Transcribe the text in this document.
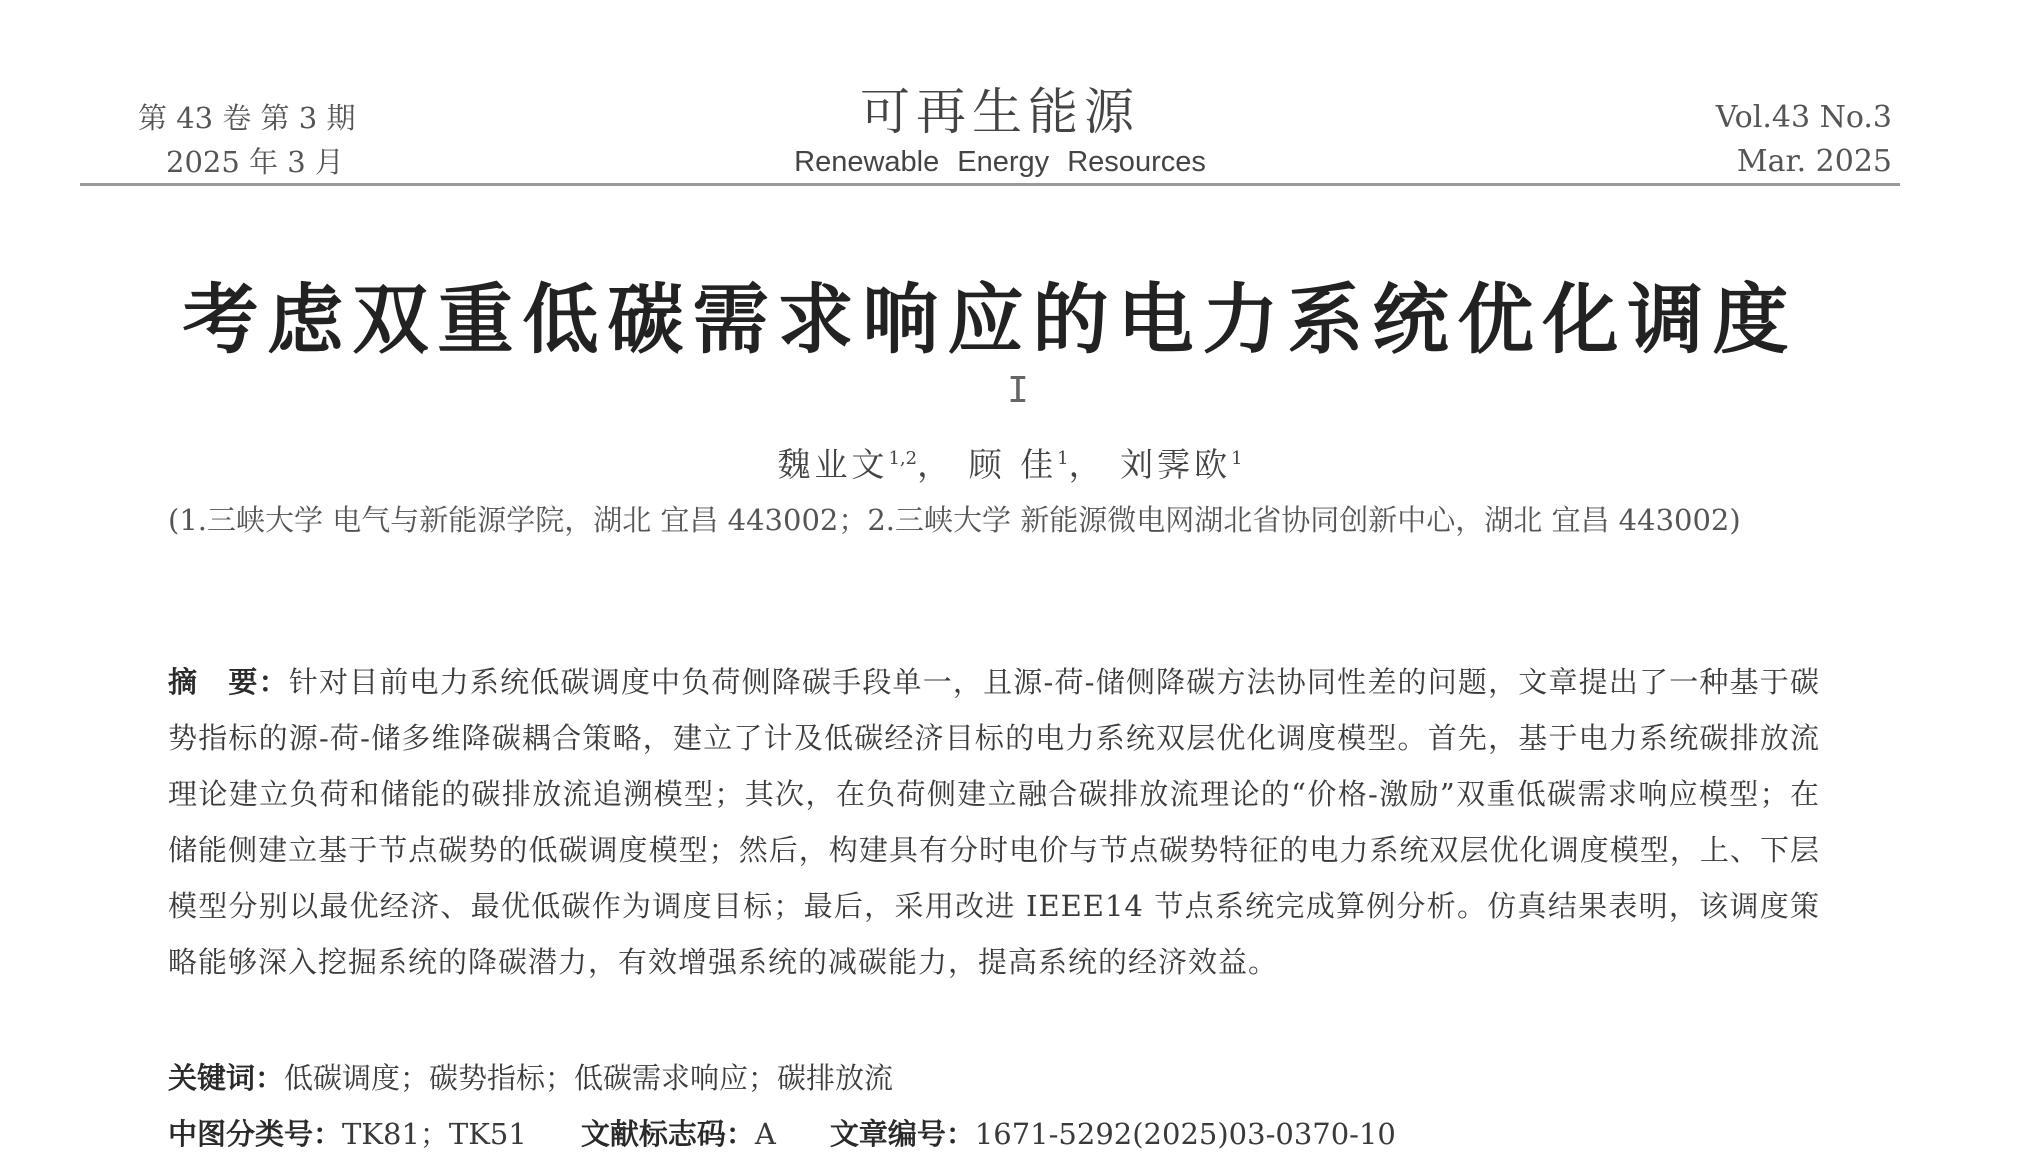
第 43 卷 第 3 期
2025 年 3 月
可再生能源
Renewable Energy Resources
Vol.43 No.3
Mar. 2025
考虑双重低碳需求响应的电力系统优化调度
I
魏业文$^{1,2}$， 顾 佳$^1$， 刘霁欧$^1$
(1.三峡大学 电气与新能源学院，湖北 宜昌 443002；2.三峡大学 新能源微电网湖北省协同创新中心，湖北 宜昌 443002)
摘　要：针对目前电力系统低碳调度中负荷侧降碳手段单一，且源-荷-储侧降碳方法协同性差的问题，文章提出了一种基于碳势指标的源-荷-储多维降碳耦合策略，建立了计及低碳经济目标的电力系统双层优化调度模型。首先，基于电力系统碳排放流理论建立负荷和储能的碳排放流追溯模型；其次，在负荷侧建立融合碳排放流理论的“价格-激励”双重低碳需求响应模型；在储能侧建立基于节点碳势的低碳调度模型；然后，构建具有分时电价与节点碳势特征的电力系统双层优化调度模型，上、下层模型分别以最优经济、最优低碳作为调度目标；最后，采用改进 IEEE14 节点系统完成算例分析。仿真结果表明，该调度策略能够深入挖掘系统的降碳潜力，有效增强系统的减碳能力，提高系统的经济效益。
关键词：低碳调度；碳势指标；低碳需求响应；碳排放流
中图分类号：TK81；TK51 文献标志码：A 文章编号：1671-5292(2025)03-0370-10
